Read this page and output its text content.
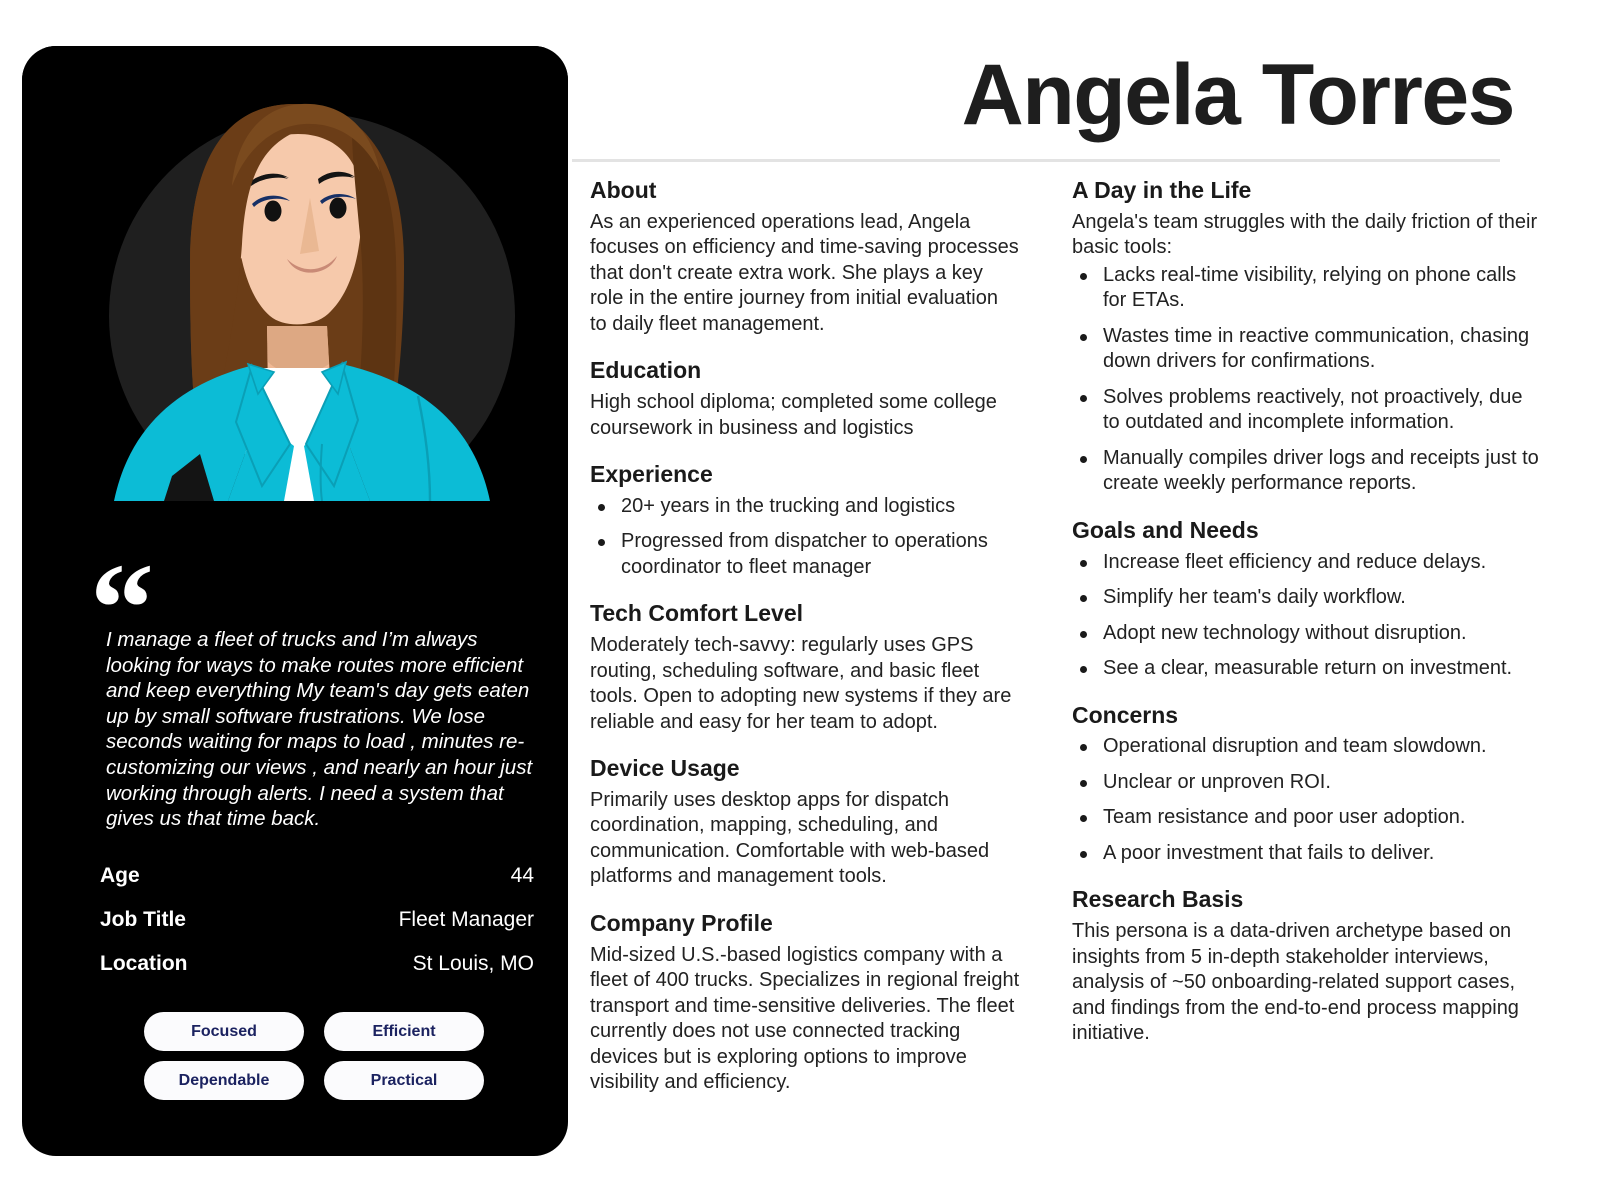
“
I manage a fleet of trucks and I’m always looking for ways to make routes more efficient and keep everything My team's day gets eaten up by small software frustrations. We lose seconds waiting for maps to load , minutes re-customizing our views , and nearly an hour just working through alerts. I need a system that gives us that time back.
Age	44
Job Title	Fleet Manager
Location	St Louis, MO
Focused	Efficient
Dependable	Practical
Angela Torres
About

As an experienced operations lead, Angela focuses on efficiency and time-saving processes that don't create extra work. She plays a key role in the entire journey from initial evaluation to daily fleet management.

Education

High school diploma; completed some college coursework in business and logistics

Experience
20+ years in the trucking and logistics
Progressed from dispatcher to operations coordinator to fleet manager
Tech Comfort Level

Moderately tech-savvy: regularly uses GPS routing, scheduling software, and basic fleet tools. Open to adopting new systems if they are reliable and easy for her team to adopt.

Device Usage

Primarily uses desktop apps for dispatch coordination, mapping, scheduling, and communication. Comfortable with web-based platforms and management tools.

Company Profile

Mid-sized U.S.-based logistics company with a fleet of 400 trucks. Specializes in regional freight transport and time-sensitive deliveries. The fleet currently does not use connected tracking devices but is exploring options to improve visibility and efficiency.

A Day in the Life

Angela's team struggles with the daily friction of their basic tools:

Lacks real-time visibility, relying on phone calls for ETAs.
Wastes time in reactive communication, chasing down drivers for confirmations.
Solves problems reactively, not proactively, due to outdated and incomplete information.
Manually compiles driver logs and receipts just to create weekly performance reports.
Goals and Needs
Increase fleet efficiency and reduce delays.
Simplify her team's daily workflow.
Adopt new technology without disruption.
See a clear, measurable return on investment.
Concerns
Operational disruption and team slowdown.
Unclear or unproven ROI.
Team resistance and poor user adoption.
A poor investment that fails to deliver.
Research Basis

This persona is a data-driven archetype based on insights from 5 in-depth stakeholder interviews, analysis of ~50 onboarding-related support cases, and findings from the end-to-end process mapping initiative.
